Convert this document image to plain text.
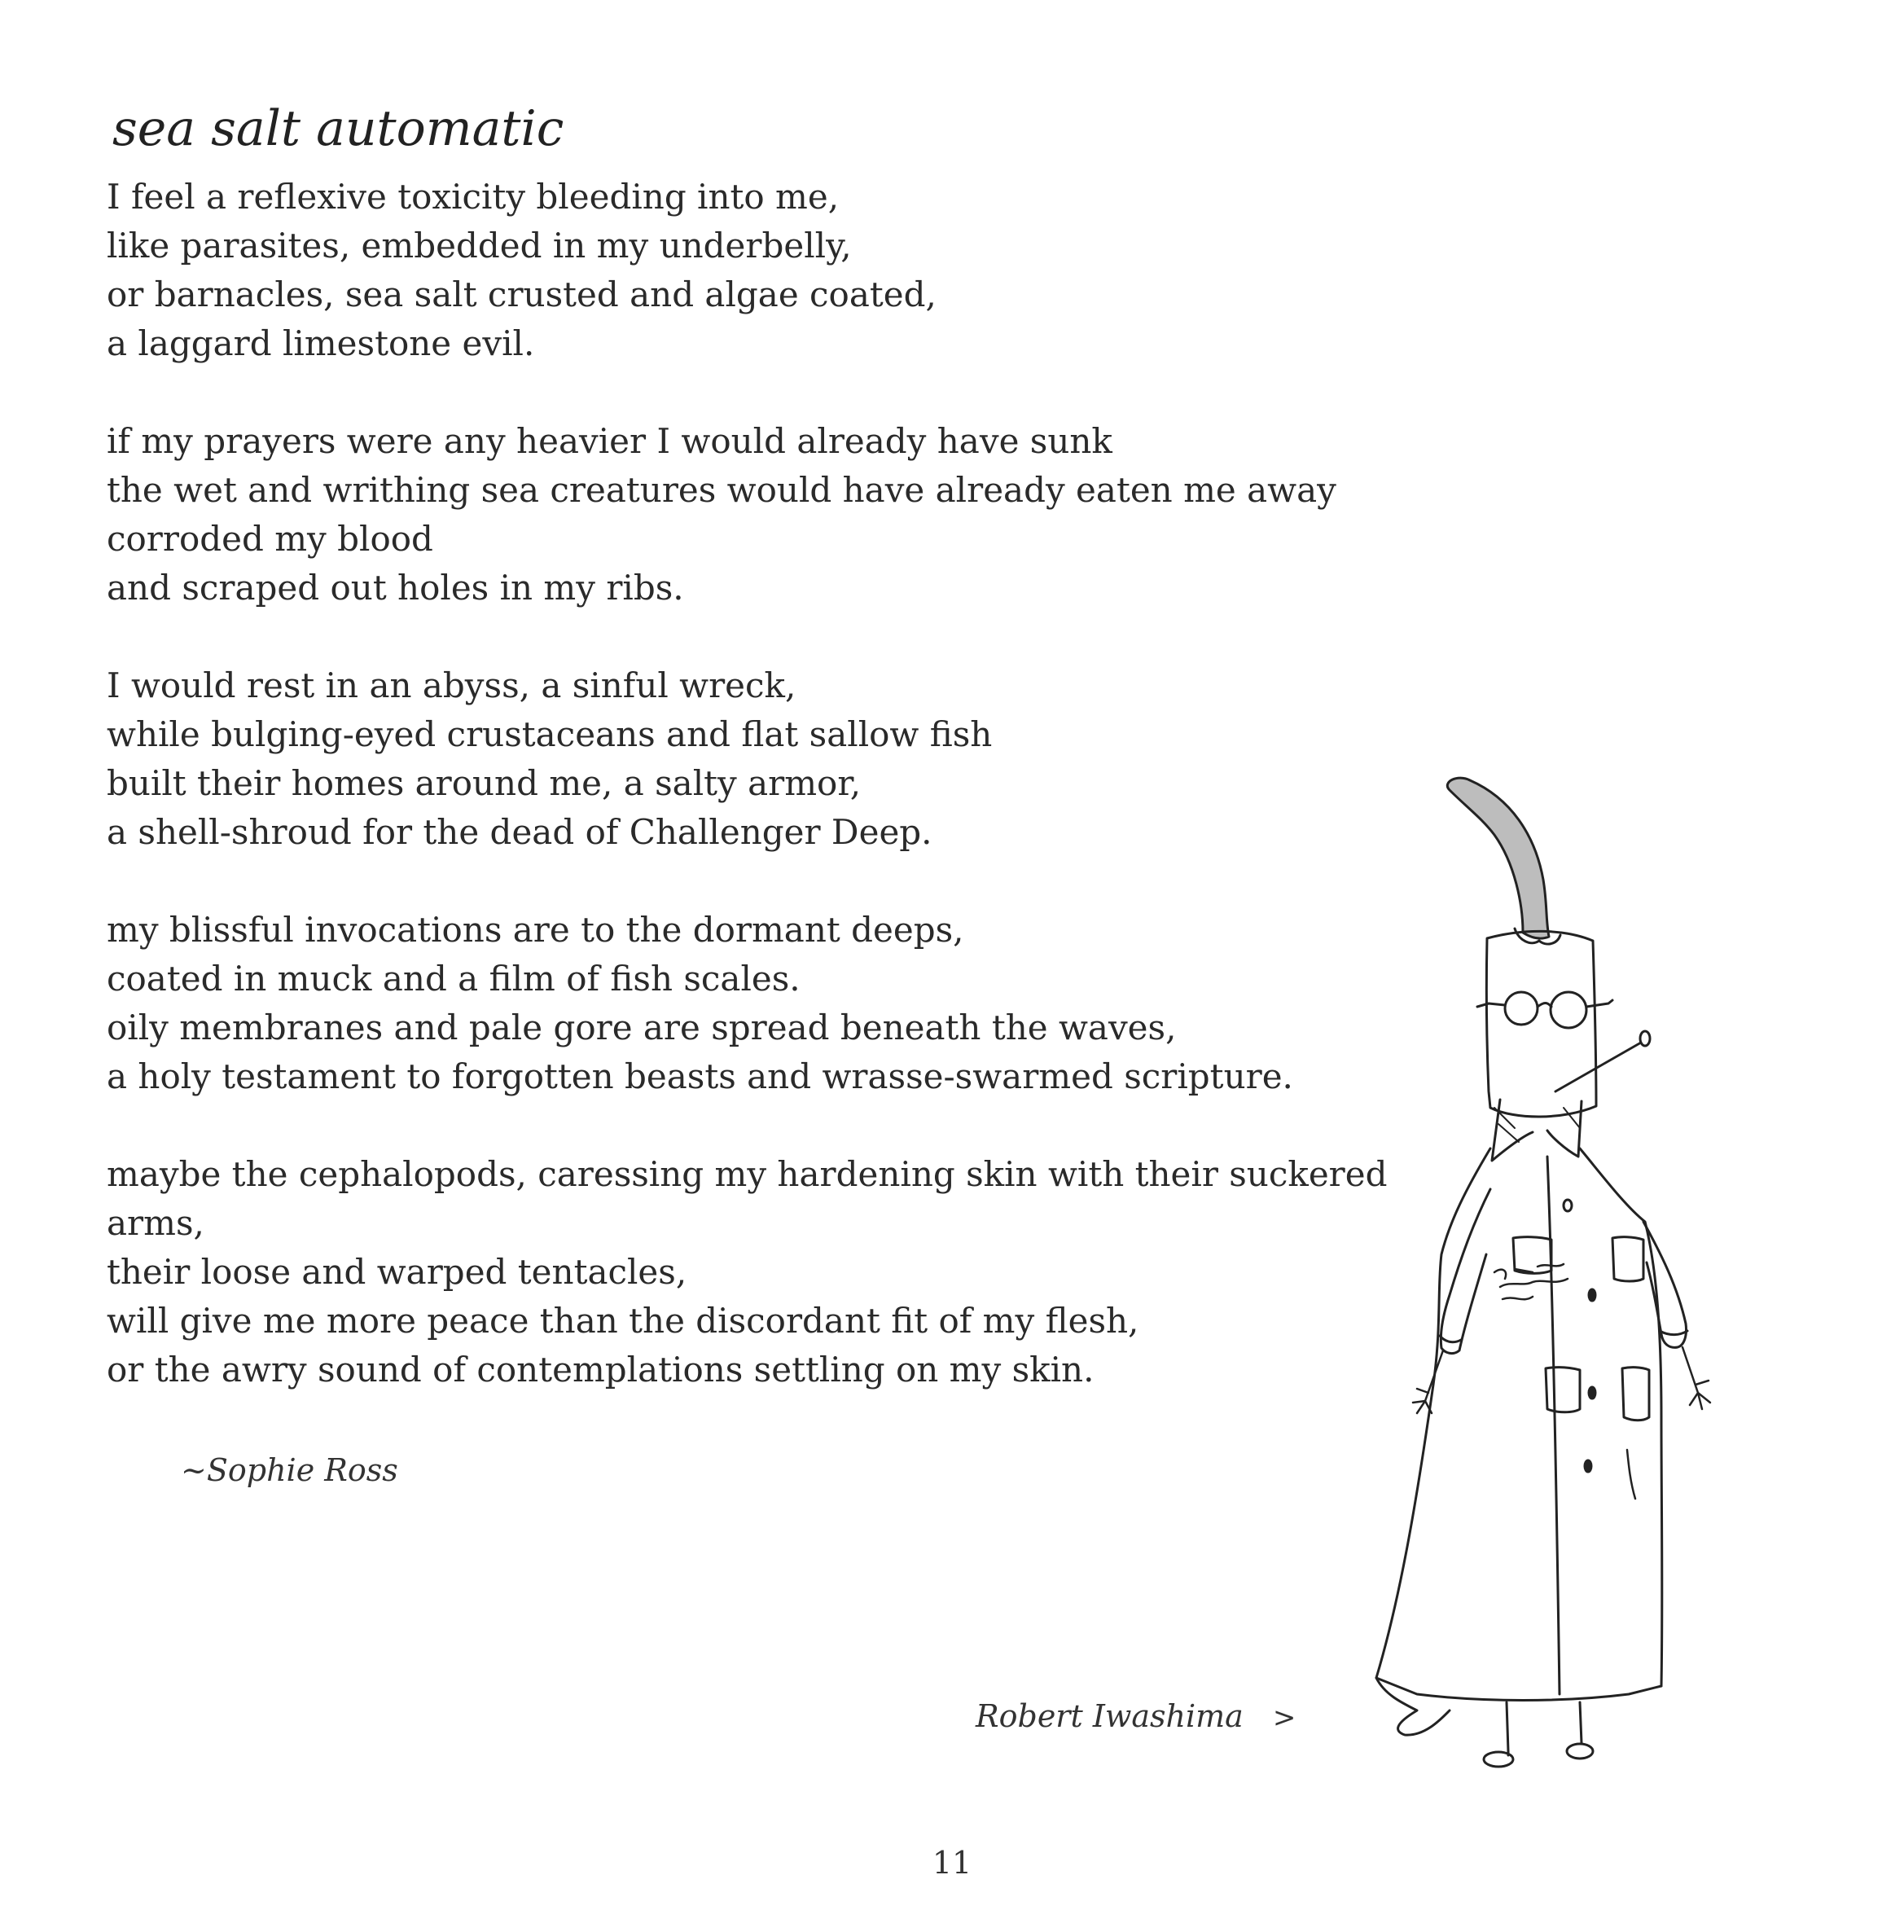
sea salt automatic
I feel a reflexive toxicity bleeding into me,
like parasites, embedded in my underbelly,
or barnacles, sea salt crusted and algae coated,
a laggard limestone evil.
if my prayers were any heavier I would already have sunk
the wet and writhing sea creatures would have already eaten me away
corroded my blood
and scraped out holes in my ribs.
I would rest in an abyss, a sinful wreck,
while bulging-eyed crustaceans and flat sallow fish
built their homes around me, a salty armor,
a shell-shroud for the dead of Challenger Deep.
my blissful invocations are to the dormant deeps,
coated in muck and a film of fish scales.
oily membranes and pale gore are spread beneath the waves,
a holy testament to forgotten beasts and wrasse-swarmed scripture.
maybe the cephalopods, caressing my hardening skin with their suckered
arms,
their loose and warped tentacles,
will give me more peace than the discordant fit of my flesh,
or the awry sound of contemplations settling on my skin.
~Sophie Ross
Robert Iwashima >
11
